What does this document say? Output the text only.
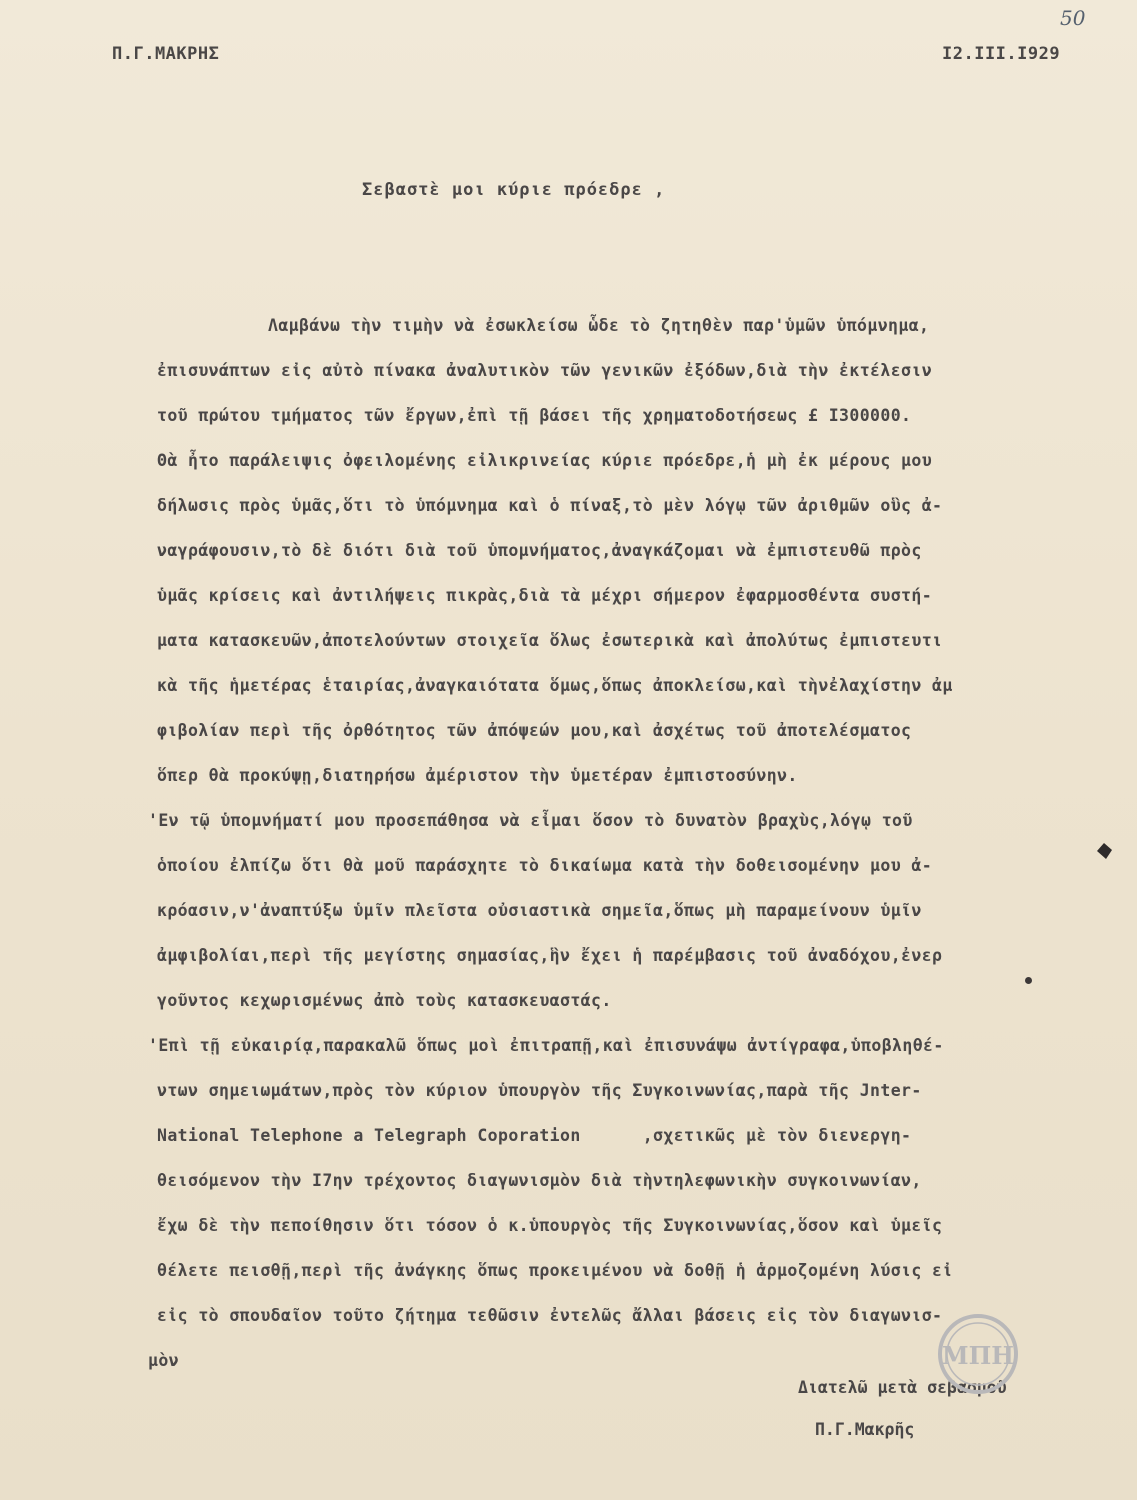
50
Π.Γ.ΜΑΚΡΗΣ	I2.III.I929
Σεβαστὲ μοι κύριε πρόεδρε ,
Λαμβάνω τὴν τιμὴν νὰ ἐσωκλείσω ὧδε τὸ ζητηθὲν παρ'ὑμῶν ὑπόμνημα,
ἐπισυνάπτων εἰς αὐτὸ πίνακα ἀναλυτικὸν τῶν γενικῶν ἐξόδων,διὰ τὴν ἐκτέλεσιν
τοῦ πρώτου τμήματος τῶν ἔργων,ἐπὶ τῇ βάσει τῆς χρηματοδοτήσεως £ I300000.
Θὰ ἦτο παράλειψις ὀφειλομένης εἰλικρινείας κύριε πρόεδρε,ἡ μὴ ἐκ μέρους μου
δήλωσις πρὸς ὑμᾶς,ὅτι τὸ ὑπόμνημα καὶ ὁ πίναξ,τὸ μὲν λόγῳ τῶν ἀριθμῶν οὓς ἀ-
ναγράφουσιν,τὸ δὲ διότι διὰ τοῦ ὑπομνήματος,ἀναγκάζομαι νὰ ἐμπιστευθῶ πρὸς
ὑμᾶς κρίσεις καὶ ἀντιλήψεις πικρὰς,διὰ τὰ μέχρι σήμερον ἐφαρμοσθέντα συστή-
ματα κατασκευῶν,ἀποτελούντων στοιχεῖα ὅλως ἐσωτερικὰ καὶ ἀπολύτως ἐμπιστευτι
κὰ τῆς ἡμετέρας ἑταιρίας,ἀναγκαιότατα ὅμως,ὅπως ἀποκλείσω,καὶ τὴνἐλαχίστην ἀμ
φιβολίαν περὶ τῆς ὀρθότητος τῶν ἀπόψεών μου,καὶ ἀσχέτως τοῦ ἀποτελέσματος
ὅπερ θὰ προκύψῃ,διατηρήσω ἀμέριστον τὴν ὑμετέραν ἐμπιστοσύνην.
'Εν τῷ ὑπομνήματί μου προσεπάθησα νὰ εἶμαι ὅσον τὸ δυνατὸν βραχὺς,λόγῳ τοῦ
ὁποίου ἐλπίζω ὅτι θὰ μοῦ παράσχητε τὸ δικαίωμα κατὰ τὴν δοθεισομένην μου ἀ-
κρόασιν,ν'ἀναπτύξω ὑμῖν πλεῖστα οὐσιαστικὰ σημεῖα,ὅπως μὴ παραμείνουν ὑμῖν
ἀμφιβολίαι,περὶ τῆς μεγίστης σημασίας,ἣν ἔχει ἡ παρέμβασις τοῦ ἀναδόχου,ἐνερ
γοῦντος κεχωρισμένως ἀπὸ τοὺς κατασκευαστάς.
'Επὶ τῇ εὐκαιρίᾳ,παρακαλῶ ὅπως μοὶ ἐπιτραπῇ,καὶ ἐπισυνάψω ἀντίγραφα,ὑποβληθέ-
ντων σημειωμάτων,πρὸς τὸν κύριον ὑπουργὸν τῆς Συγκοινωνίας,παρὰ τῆς Jnter-
National Telephone a Telegraph Coporation      ,σχετικῶς μὲ τὸν διενεργη-
θεισόμενον τὴν I7ην τρέχοντος διαγωνισμὸν διὰ τὴντηλεφωνικὴν συγκοινωνίαν,
ἔχω δὲ τὴν πεποίθησιν ὅτι τόσον ὁ κ.ὑπουργὸς τῆς Συγκοινωνίας,ὅσον καὶ ὑμεῖς
θέλετε πεισθῇ,περὶ τῆς ἀνάγκης ὅπως προκειμένου νὰ δοθῇ ἡ ἁρμοζομένη λύσις εἰ
εἰς τὸ σπουδαῖον τοῦτο ζήτημα τεθῶσιν ἐντελῶς ἄλλαι βάσεις εἰς τὸν διαγωνισ-
μὸν
Διατελῶ μετὰ σεβασμοῦ
Π.Γ.Μακρῆς
ΜΠΗ
